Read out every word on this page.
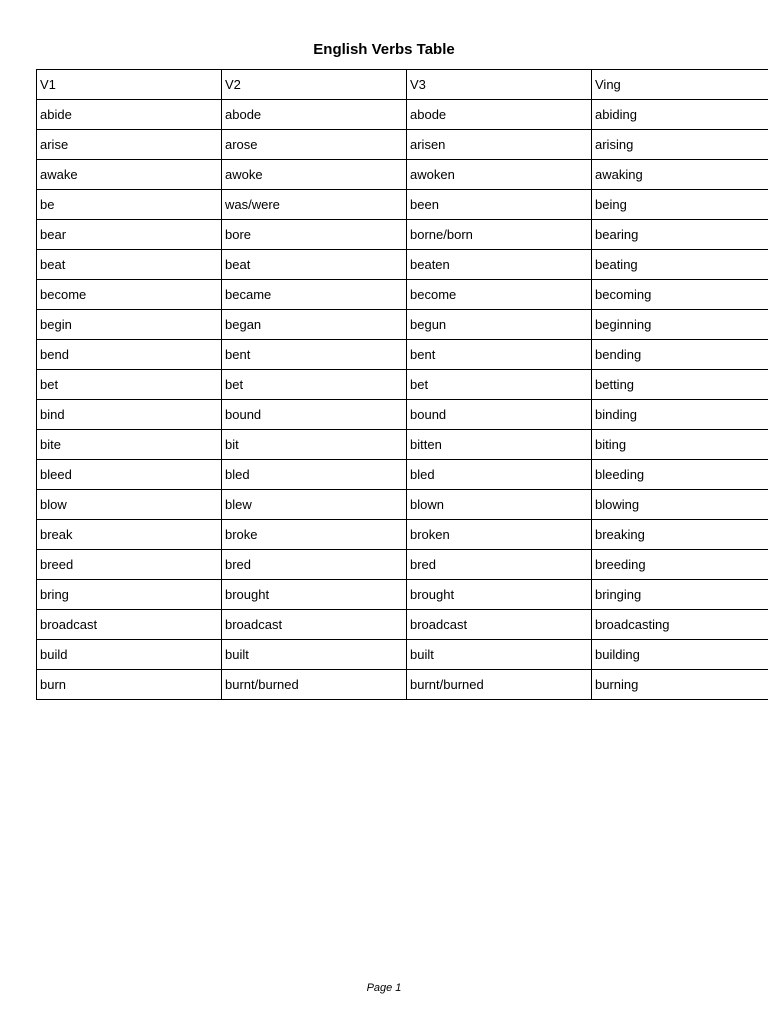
English Verbs Table
V1	V2	V3	Ving
abide	abode	abode	abiding
arise	arose	arisen	arising
awake	awoke	awoken	awaking
be	was/were	been	being
bear	bore	borne/born	bearing
beat	beat	beaten	beating
become	became	become	becoming
begin	began	begun	beginning
bend	bent	bent	bending
bet	bet	bet	betting
bind	bound	bound	binding
bite	bit	bitten	biting
bleed	bled	bled	bleeding
blow	blew	blown	blowing
break	broke	broken	breaking
breed	bred	bred	breeding
bring	brought	brought	bringing
broadcast	broadcast	broadcast	broadcasting
build	built	built	building
burn	burnt/burned	burnt/burned	burning
Page 1
